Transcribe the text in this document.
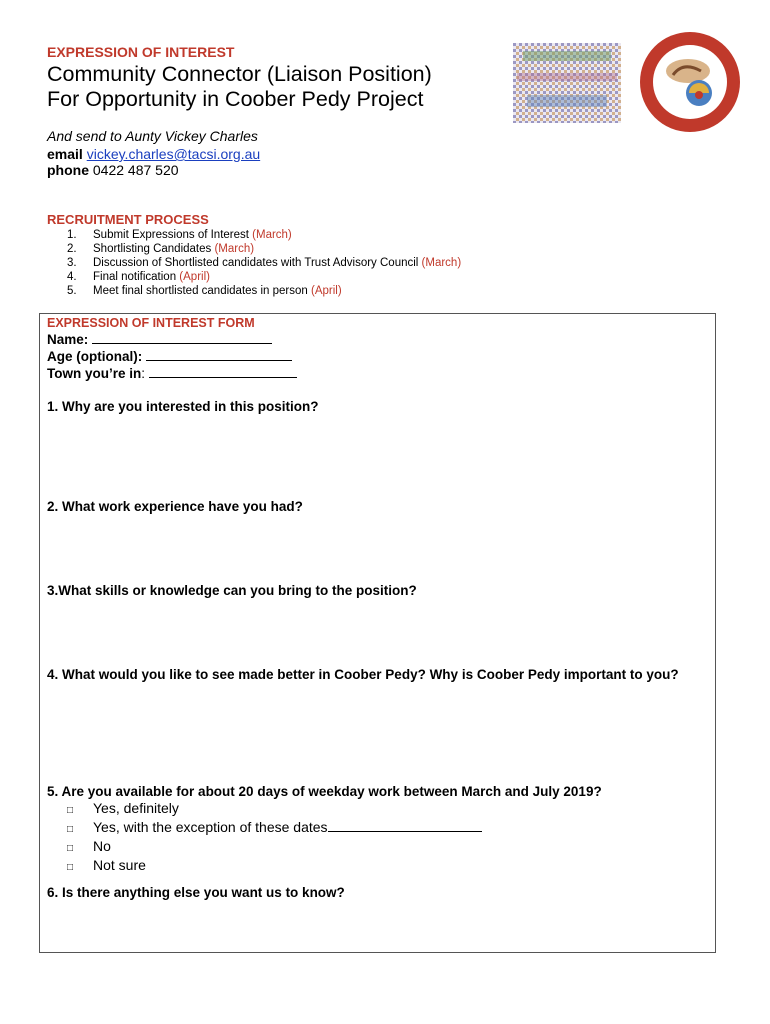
EXPRESSION OF INTEREST
Community Connector (Liaison Position)
For Opportunity in Coober Pedy Project
And send to Aunty Vickey Charles
email vickey.charles@tacsi.org.au
phone 0422 487 520
RECRUITMENT PROCESS
1. Submit Expressions of Interest (March)
2. Shortlisting Candidates (March)
3. Discussion of Shortlisted candidates with Trust Advisory Council (March)
4. Final notification (April)
5. Meet final shortlisted candidates in person (April)
EXPRESSION OF INTEREST FORM
Name:
Age (optional):
Town you’re in:
1. Why are you interested in this position?
2. What work experience have you had?
3.What skills or knowledge can you bring to the position?
4. What would you like to see made better in Coober Pedy? Why is Coober Pedy important to you?
5. Are you available for about 20 days of weekday work between March and July 2019?
□ Yes, definitely
□ Yes, with the exception of these dates
□ No
□ Not sure
6. Is there anything else you want us to know?
